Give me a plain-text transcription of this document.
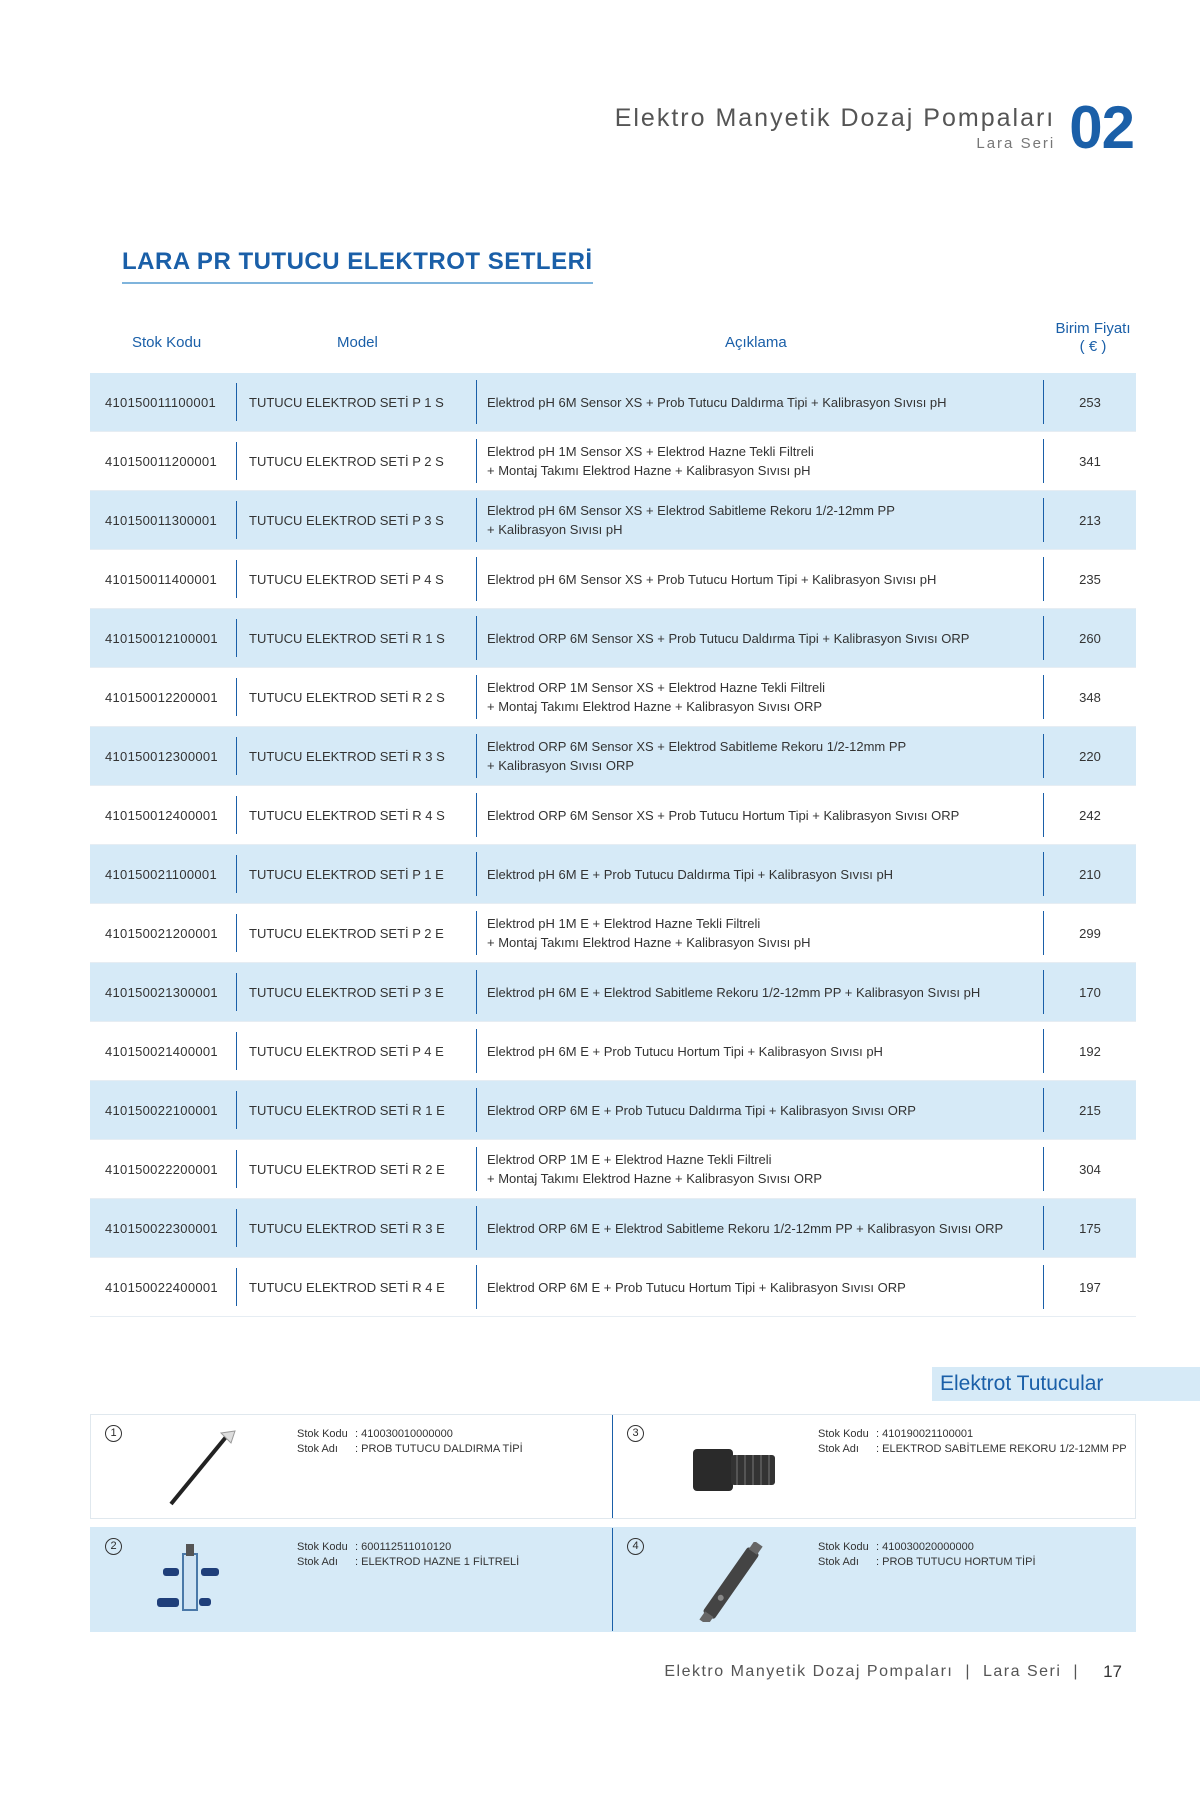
Elektro Manyetik Dozaj Pompaları
Lara Seri 02
LARA PR TUTUCU ELEKTROT SETLERİ
Stok Kodu	Model	Açıklama
Birim Fiyatı
( € )
410150011100001	TUTUCU ELEKTROD SETİ P 1 S	Elektrod pH 6M Sensor XS + Prob Tutucu Daldırma Tipi + Kalibrasyon Sıvısı pH	253
410150011200001	TUTUCU ELEKTROD SETİ P 2 S
Elektrod pH 1M Sensor XS + Elektrod Hazne Tekli Filtreli
+ Montaj Takımı Elektrod Hazne + Kalibrasyon Sıvısı pH
341
410150011300001	TUTUCU ELEKTROD SETİ P 3 S
Elektrod pH 6M Sensor XS + Elektrod Sabitleme Rekoru 1/2-12mm PP
+ Kalibrasyon Sıvısı pH
213
410150011400001	TUTUCU ELEKTROD SETİ P 4 S	Elektrod pH 6M Sensor XS + Prob Tutucu Hortum Tipi + Kalibrasyon Sıvısı pH	235
410150012100001	TUTUCU ELEKTROD SETİ R 1 S	Elektrod ORP 6M Sensor XS + Prob Tutucu Daldırma Tipi + Kalibrasyon Sıvısı ORP	260
410150012200001	TUTUCU ELEKTROD SETİ R 2 S
Elektrod ORP 1M Sensor XS + Elektrod Hazne Tekli Filtreli
+ Montaj Takımı Elektrod Hazne + Kalibrasyon Sıvısı ORP
348
410150012300001	TUTUCU ELEKTROD SETİ R 3 S
Elektrod ORP 6M Sensor XS + Elektrod Sabitleme Rekoru 1/2-12mm PP
+ Kalibrasyon Sıvısı ORP
220
410150012400001	TUTUCU ELEKTROD SETİ R 4 S	Elektrod ORP 6M Sensor XS + Prob Tutucu Hortum Tipi + Kalibrasyon Sıvısı ORP	242
410150021100001	TUTUCU ELEKTROD SETİ P 1 E	Elektrod pH 6M E + Prob Tutucu Daldırma Tipi + Kalibrasyon Sıvısı pH	210
410150021200001	TUTUCU ELEKTROD SETİ P 2 E
Elektrod pH 1M E + Elektrod Hazne Tekli Filtreli
+ Montaj Takımı Elektrod Hazne + Kalibrasyon Sıvısı pH
299
410150021300001	TUTUCU ELEKTROD SETİ P 3 E	Elektrod pH 6M E + Elektrod Sabitleme Rekoru 1/2-12mm PP + Kalibrasyon Sıvısı pH	170
410150021400001	TUTUCU ELEKTROD SETİ P 4 E	Elektrod pH 6M E + Prob Tutucu Hortum Tipi + Kalibrasyon Sıvısı pH	192
410150022100001	TUTUCU ELEKTROD SETİ R 1 E	Elektrod ORP 6M E + Prob Tutucu Daldırma Tipi + Kalibrasyon Sıvısı ORP	215
410150022200001	TUTUCU ELEKTROD SETİ R 2 E
Elektrod ORP 1M E + Elektrod Hazne Tekli Filtreli
+ Montaj Takımı Elektrod Hazne + Kalibrasyon Sıvısı ORP
304
410150022300001	TUTUCU ELEKTROD SETİ R 3 E	Elektrod ORP 6M E + Elektrod Sabitleme Rekoru 1/2-12mm PP + Kalibrasyon Sıvısı ORP	175
410150022400001	TUTUCU ELEKTROD SETİ R 4 E	Elektrod ORP 6M E + Prob Tutucu Hortum Tipi + Kalibrasyon Sıvısı ORP	197
Elektrot Tutucular
1	Stok Kodu : 410030010000000
Stok Adı : PROB TUTUCU DALDIRMA TİPİ
3	Stok Kodu : 410190021100001
Stok Adı : ELEKTROD SABİTLEME REKORU 1/2-12MM PP
2	Stok Kodu : 600112511010120
Stok Adı : ELEKTROD HAZNE 1 FİLTRELİ
4	Stok Kodu : 410030020000000
Stok Adı : PROB TUTUCU HORTUM TİPİ
Elektro Manyetik Dozaj Pompaları | Lara Seri | 17
